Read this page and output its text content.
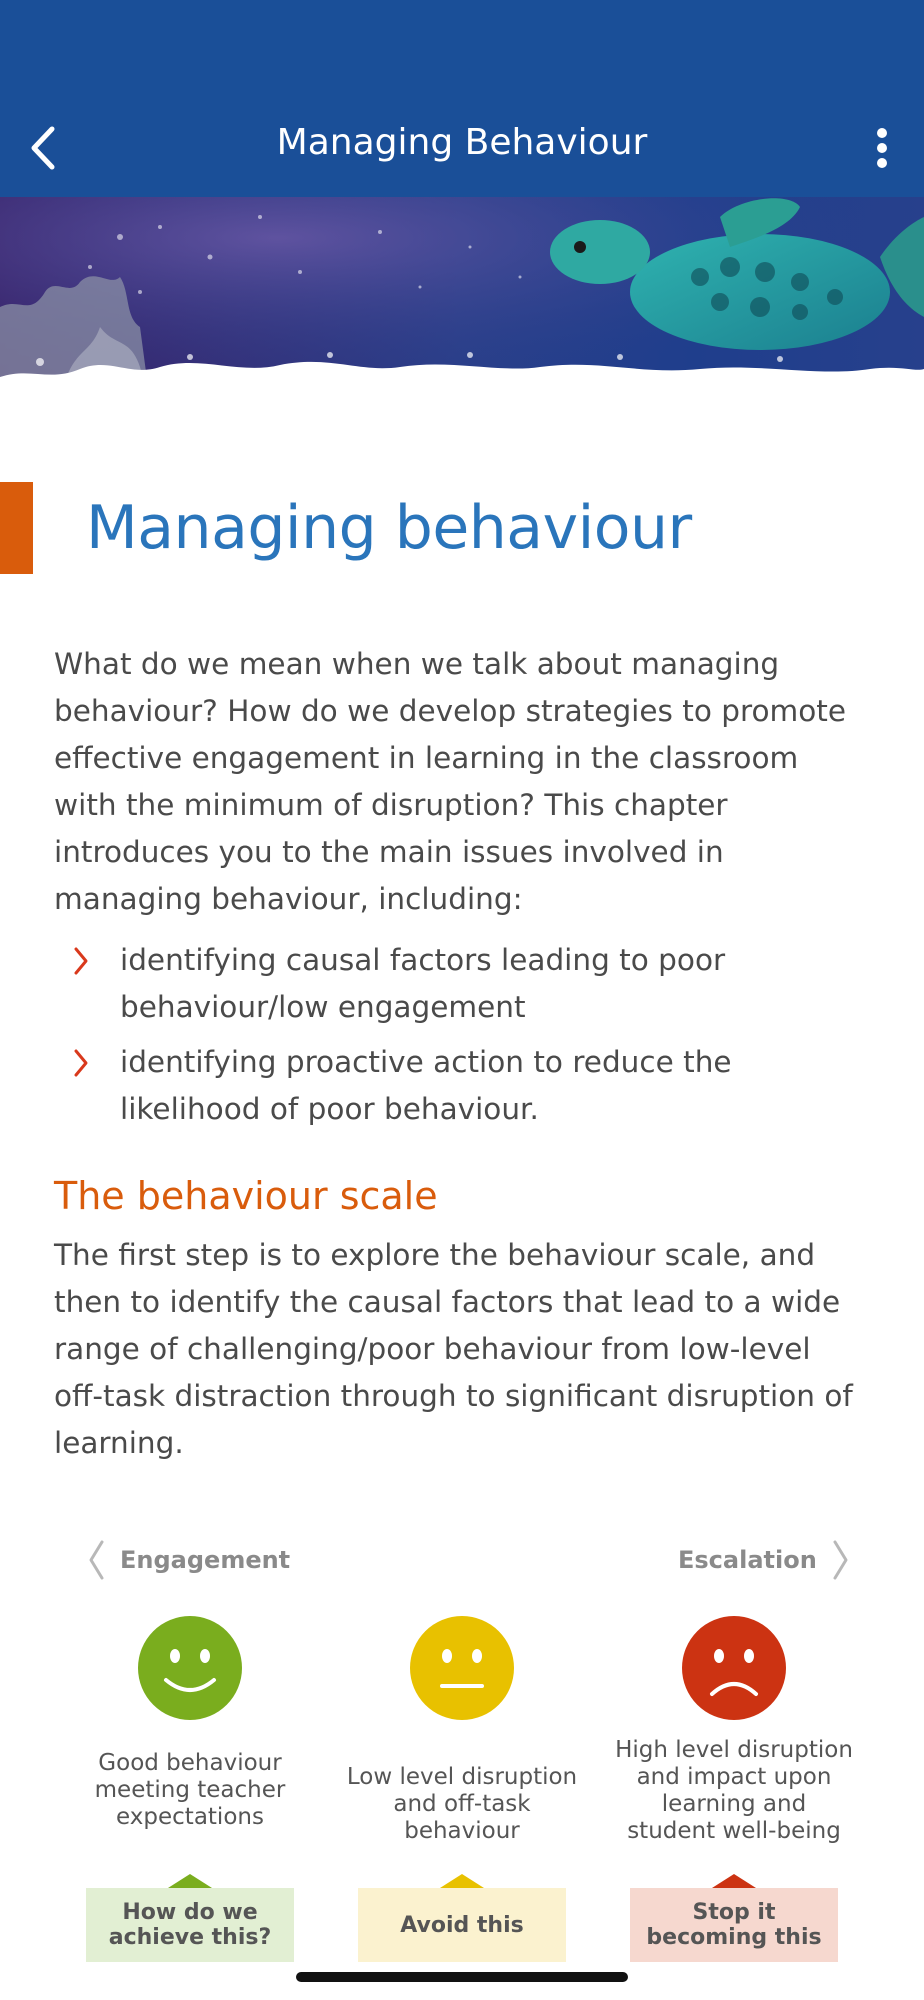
Managing Behaviour
Managing behaviour
What do we mean when we talk about managing
behaviour? How do we develop strategies to promote
effective engagement in learning in the classroom
with the minimum of disruption? This chapter
introduces you to the main issues involved in
managing behaviour, including:
identifying causal factors leading to poor
behaviour/low engagement
identifying proactive action to reduce the
likelihood of poor behaviour.
The behaviour scale
The first step is to explore the behaviour scale, and
then to identify the causal factors that lead to a wide
range of challenging/poor behaviour from low-level
off-task distraction through to significant disruption of
learning.
Engagement	Escalation
Good behaviour
meeting teacher
expectations
Low level disruption
and off-task behaviour
High level disruption
and impact upon
learning and
student well-being
How do we
achieve this?	Avoid this	Stop it
becoming this
